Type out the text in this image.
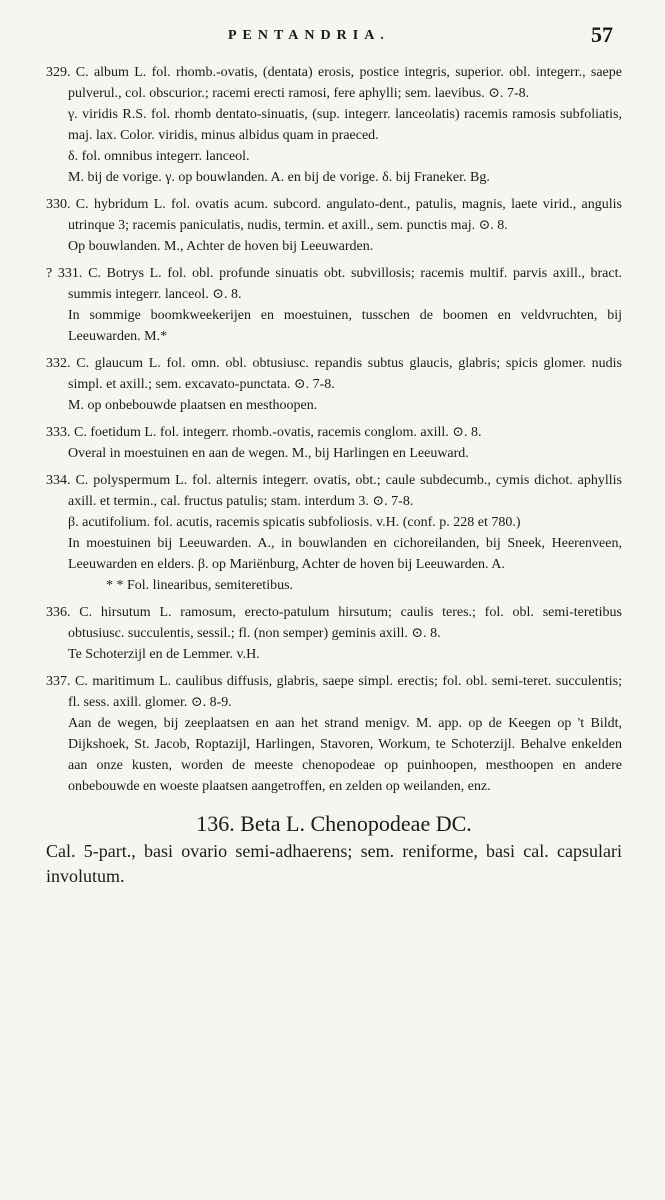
PENTANDRIA.	57

329. C. album L. fol. rhomb.-ovatis, (dentata) erosis, postice integris, superior. obl. integerr., saepe pulverul., col. obscurior.; racemi erecti ramosi, fere aphylli; sem. laevibus. ⊙. 7-8.

γ. viridis R.S. fol. rhomb dentato-sinuatis, (sup. integerr. lanceolatis) racemis ramosis subfoliatis, maj. lax. Color. viridis, minus albidus quam in praeced.

δ. fol. omnibus integerr. lanceol.

M. bij de vorige. γ. op bouwlanden. A. en bij de vorige. δ. bij Franeker. Bg.

330. C. hybridum L. fol. ovatis acum. subcord. angulato-dent., patulis, magnis, laete virid., angulis utrinque 3; racemis paniculatis, nudis, termin. et axill., sem. punctis maj. ⊙. 8.

Op bouwlanden. M., Achter de hoven bij Leeuwarden.

? 331. C. Botrys L. fol. obl. profunde sinuatis obt. subvillosis; racemis multif. parvis axill., bract. summis integerr. lanceol. ⊙. 8.

In sommige boomkweekerijen en moestuinen, tusschen de boomen en veldvruchten, bij Leeuwarden. M.*

332. C. glaucum L. fol. omn. obl. obtusiusc. repandis subtus glaucis, glabris; spicis glomer. nudis simpl. et axill.; sem. excavato-punctata. ⊙. 7-8.

M. op onbebouwde plaatsen en mesthoopen.

333. C. foetidum L. fol. integerr. rhomb.-ovatis, racemis conglom. axill. ⊙. 8.

Overal in moestuinen en aan de wegen. M., bij Harlingen en Leeuward.

334. C. polyspermum L. fol. alternis integerr. ovatis, obt.; caule subdecumb., cymis dichot. aphyllis axill. et termin., cal. fructus patulis; stam. interdum 3. ⊙. 7-8.

β. acutifolium. fol. acutis, racemis spicatis subfoliosis. v.H. (conf. p. 228 et 780.)

In moestuinen bij Leeuwarden. A., in bouwlanden en cichoreilanden, bij Sneek, Heerenveen, Leeuwarden en elders. β. op Mariënburg, Achter de hoven bij Leeuwarden. A.

* * Fol. linearibus, semiteretibus.

336. C. hirsutum L. ramosum, erecto-patulum hirsutum; caulis teres.; fol. obl. semi-teretibus obtusiusc. succulentis, sessil.; fl. (non semper) geminis axill. ⊙. 8.

Te Schoterzijl en de Lemmer. v.H.

337. C. maritimum L. caulibus diffusis, glabris, saepe simpl. erectis; fol. obl. semi-teret. succulentis; fl. sess. axill. glomer. ⊙. 8-9.

Aan de wegen, bij zeeplaatsen en aan het strand menigv. M. app. op de Keegen op 't Bildt, Dijkshoek, St. Jacob, Roptazijl, Harlingen, Stavoren, Workum, te Schoterzijl. Behalve enkelden aan onze kusten, worden de meeste chenopodeae op puinhoopen, mesthoopen en andere onbebouwde en woeste plaatsen aangetroffen, en zelden op weilanden, enz.

136. Beta L. Chenopodeae DC.

Cal. 5-part., basi ovario semi-adhaerens; sem. reniforme, basi cal. capsulari involutum.
